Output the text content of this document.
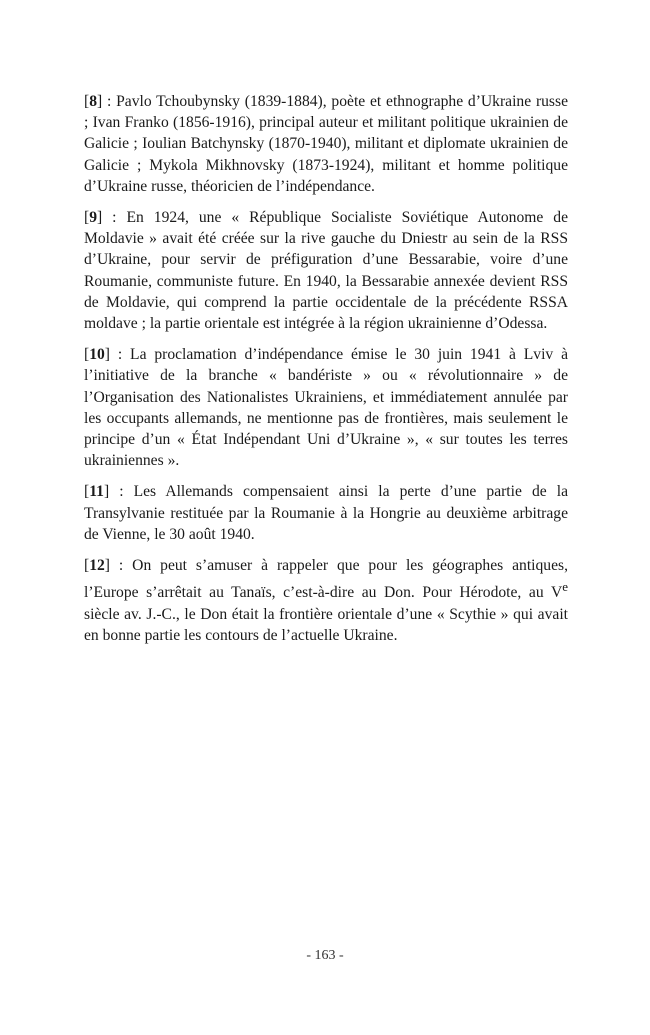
[8] : Pavlo Tchoubynsky (1839-1884), poète et ethnographe d’Ukraine russe ; Ivan Franko (1856-1916), principal auteur et militant politique ukrainien de Galicie ; Ioulian Batchynsky (1870-1940), militant et diplomate ukrainien de Galicie ; Mykola Mikhnovsky (1873-1924), militant et homme politique d’Ukraine russe, théoricien de l’indépendance.

[9] : En 1924, une « République Socialiste Soviétique Autonome de Moldavie » avait été créée sur la rive gauche du Dniestr au sein de la RSS d’Ukraine, pour servir de préfiguration d’une Bessarabie, voire d’une Roumanie, communiste future. En 1940, la Bessarabie annexée devient RSS de Moldavie, qui comprend la partie occidentale de la précédente RSSA moldave ; la partie orientale est intégrée à la région ukrainienne d’Odessa.

[10] : La proclamation d’indépendance émise le 30 juin 1941 à Lviv à l’initiative de la branche « bandériste » ou « révolutionnaire » de l’Organisation des Nationalistes Ukrainiens, et immédiatement annulée par les occupants allemands, ne mentionne pas de frontières, mais seulement le principe d’un « État Indépendant Uni d’Ukraine », « sur toutes les terres ukrainiennes ».

[11] : Les Allemands compensaient ainsi la perte d’une partie de la Transylvanie restituée par la Roumanie à la Hongrie au deuxième arbitrage de Vienne, le 30 août 1940.

[12] : On peut s’amuser à rappeler que pour les géographes antiques, l’Europe s’arrêtait au Tanaïs, c’est-à-dire au Don. Pour Hérodote, au Ve siècle av. J.-C., le Don était la frontière orientale d’une « Scythie » qui avait en bonne partie les contours de l’actuelle Ukraine.

- 163 -
